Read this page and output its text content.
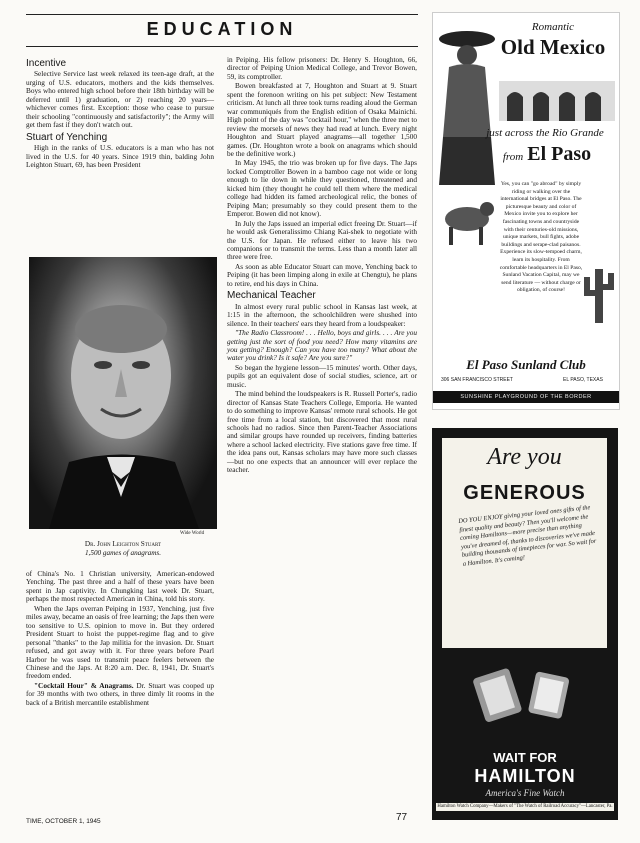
EDUCATION
Incentive

Selective Service last week relaxed its teen-age draft, at the urging of U.S. educators, mothers and the kids themselves. Boys who entered high school before their 18th birthday will be deferred until 1) graduation, or 2) reaching 20 years—whichever comes first. Exception: those who cease to pursue their schooling "continuously and satisfactorily"; the Army will get them fast if they don't watch out.

Stuart of Yenching

High in the ranks of U.S. educators is a man who has not lived in the U.S. for 40 years. Since 1919 thin, balding John Leighton Stuart, 69, has been President

Wide World
Dr. John Leighton Stuart
1,500 games of anagrams.

of China's No. 1 Christian university, American-endowed Yenching. The past three and a half of these years have been spent in Jap captivity. In Chungking last week Dr. Stuart, perhaps the most respected American in China, told his story.

When the Japs overran Peiping in 1937, Yenching, just five miles away, became an oasis of free learning; the Japs then were too sensitive to U.S. opinion to move in. But they ordered President Stuart to hoist the puppet-regime flag and to give personal "thanks" to the Jap militia for the invasion. Dr. Stuart refused, and got away with it. For three years before Pearl Harbor he was used to transmit peace feelers between the Chinese and the Japs. At 8:20 a.m. Dec. 8, 1941, Dr. Stuart's freedom ended.

"Cocktail Hour" & Anagrams. Dr. Stuart was cooped up for 39 months with two others, in three dimly lit rooms in the back of a British mercantile establishment

in Peiping. His fellow prisoners: Dr. Henry S. Houghton, 66, director of Peiping Union Medical College, and Trevor Bowen, 59, its comptroller.

Bowen breakfasted at 7, Houghton and Stuart at 9. Stuart spent the forenoon writing on his pet subject: New Testament criticism. At lunch all three took turns reading aloud the German war communiqués from the English edition of Osaka Mainichi. High point of the day was "cocktail hour," when the three met to review the morsels of news they had read at lunch. Every night Houghton and Stuart played anagrams—all together 1,500 games. (Dr. Houghton wrote a book on anagrams which should be the definitive work.)

In May 1945, the trio was broken up for five days. The Japs locked Comptroller Bowen in a bamboo cage not wide or long enough to lie down in while they questioned, threatened and kicked him (they thought he could tell them where the medical college had hidden its famed archeological relic, the bones of Peiping Man; presumably so they could present them to the Emperor. Bowen did not know).

In July the Japs issued an imperial edict freeing Dr. Stuart—if he would ask Generalissimo Chiang Kai-shek to negotiate with the U.S. for Japan. He refused either to leave his two companions or to transmit the terms. Less than a month later all three were free.

As soon as able Educator Stuart can move, Yenching back to Peiping (it has been limping along in exile at Chengtu), he plans to retire, end his days in China.

Mechanical Teacher

In almost every rural public school in Kansas last week, at 1:15 in the afternoon, the schoolchildren were shushed into silence. In their teachers' ears they heard from a loudspeaker:

"The Radio Classroom! . . . Hello, boys and girls. . . . Are you getting just the sort of food you need? How many vitamins are you getting? Enough? Can you have too many? What about the water you drink? Is it safe? Are you sure?"

So began the hygiene lesson—15 minutes' worth. Other days, pupils got an equivalent dose of social studies, science, art or music.

The mind behind the loudspeakers is R. Russell Porter's, radio director of Kansas State Teachers College, Emporia. He wanted to do something to improve Kansas' remote rural schools. He got free time from a local station, but discovered that most rural schools had no radios. Since then Parent-Teacher Associations and similar groups have rounded up receivers, finding batteries where a school lacked electricity. Five stations gave free time. If the idea pans out, Kansas scholars may have more such classes—but no one expects that an announcer will ever replace the teacher.

TIME, OCTOBER 1, 1945	77
Romantic
Old Mexico
just across the Rio Grande
from El Paso
Yes, you can "go abroad" by simply riding or walking over the international bridges at El Paso. The picturesque beauty and color of Mexico invite you to explore her fascinating towns and countryside with their centuries-old missions, unique markets, bull fights, adobe buildings and serape-clad paisanos. Experience its slow-tempoed charm, learn its hospitality. From comfortable headquarters in El Paso, Sunland Vacation Capital, may we send literature — without charge or obligation, of course!
El Paso Sunland Club
306 SAN FRANCISCO STREET	EL PASO, TEXAS
SUNSHINE PLAYGROUND OF THE BORDER
Are you
GENEROUS
DO YOU ENJOY giving your loved ones gifts of the finest quality and beauty? Then you'll welcome the coming Hamiltons—more precise than anything you've dreamed of, thanks to discoveries we've made building thousands of timepieces for war. So wait for a Hamilton. It's coming!
WAIT FOR
HAMILTON
America's Fine Watch
Hamilton Watch Company—Makers of "The Watch of Railroad Accuracy"—Lancaster, Pa.
